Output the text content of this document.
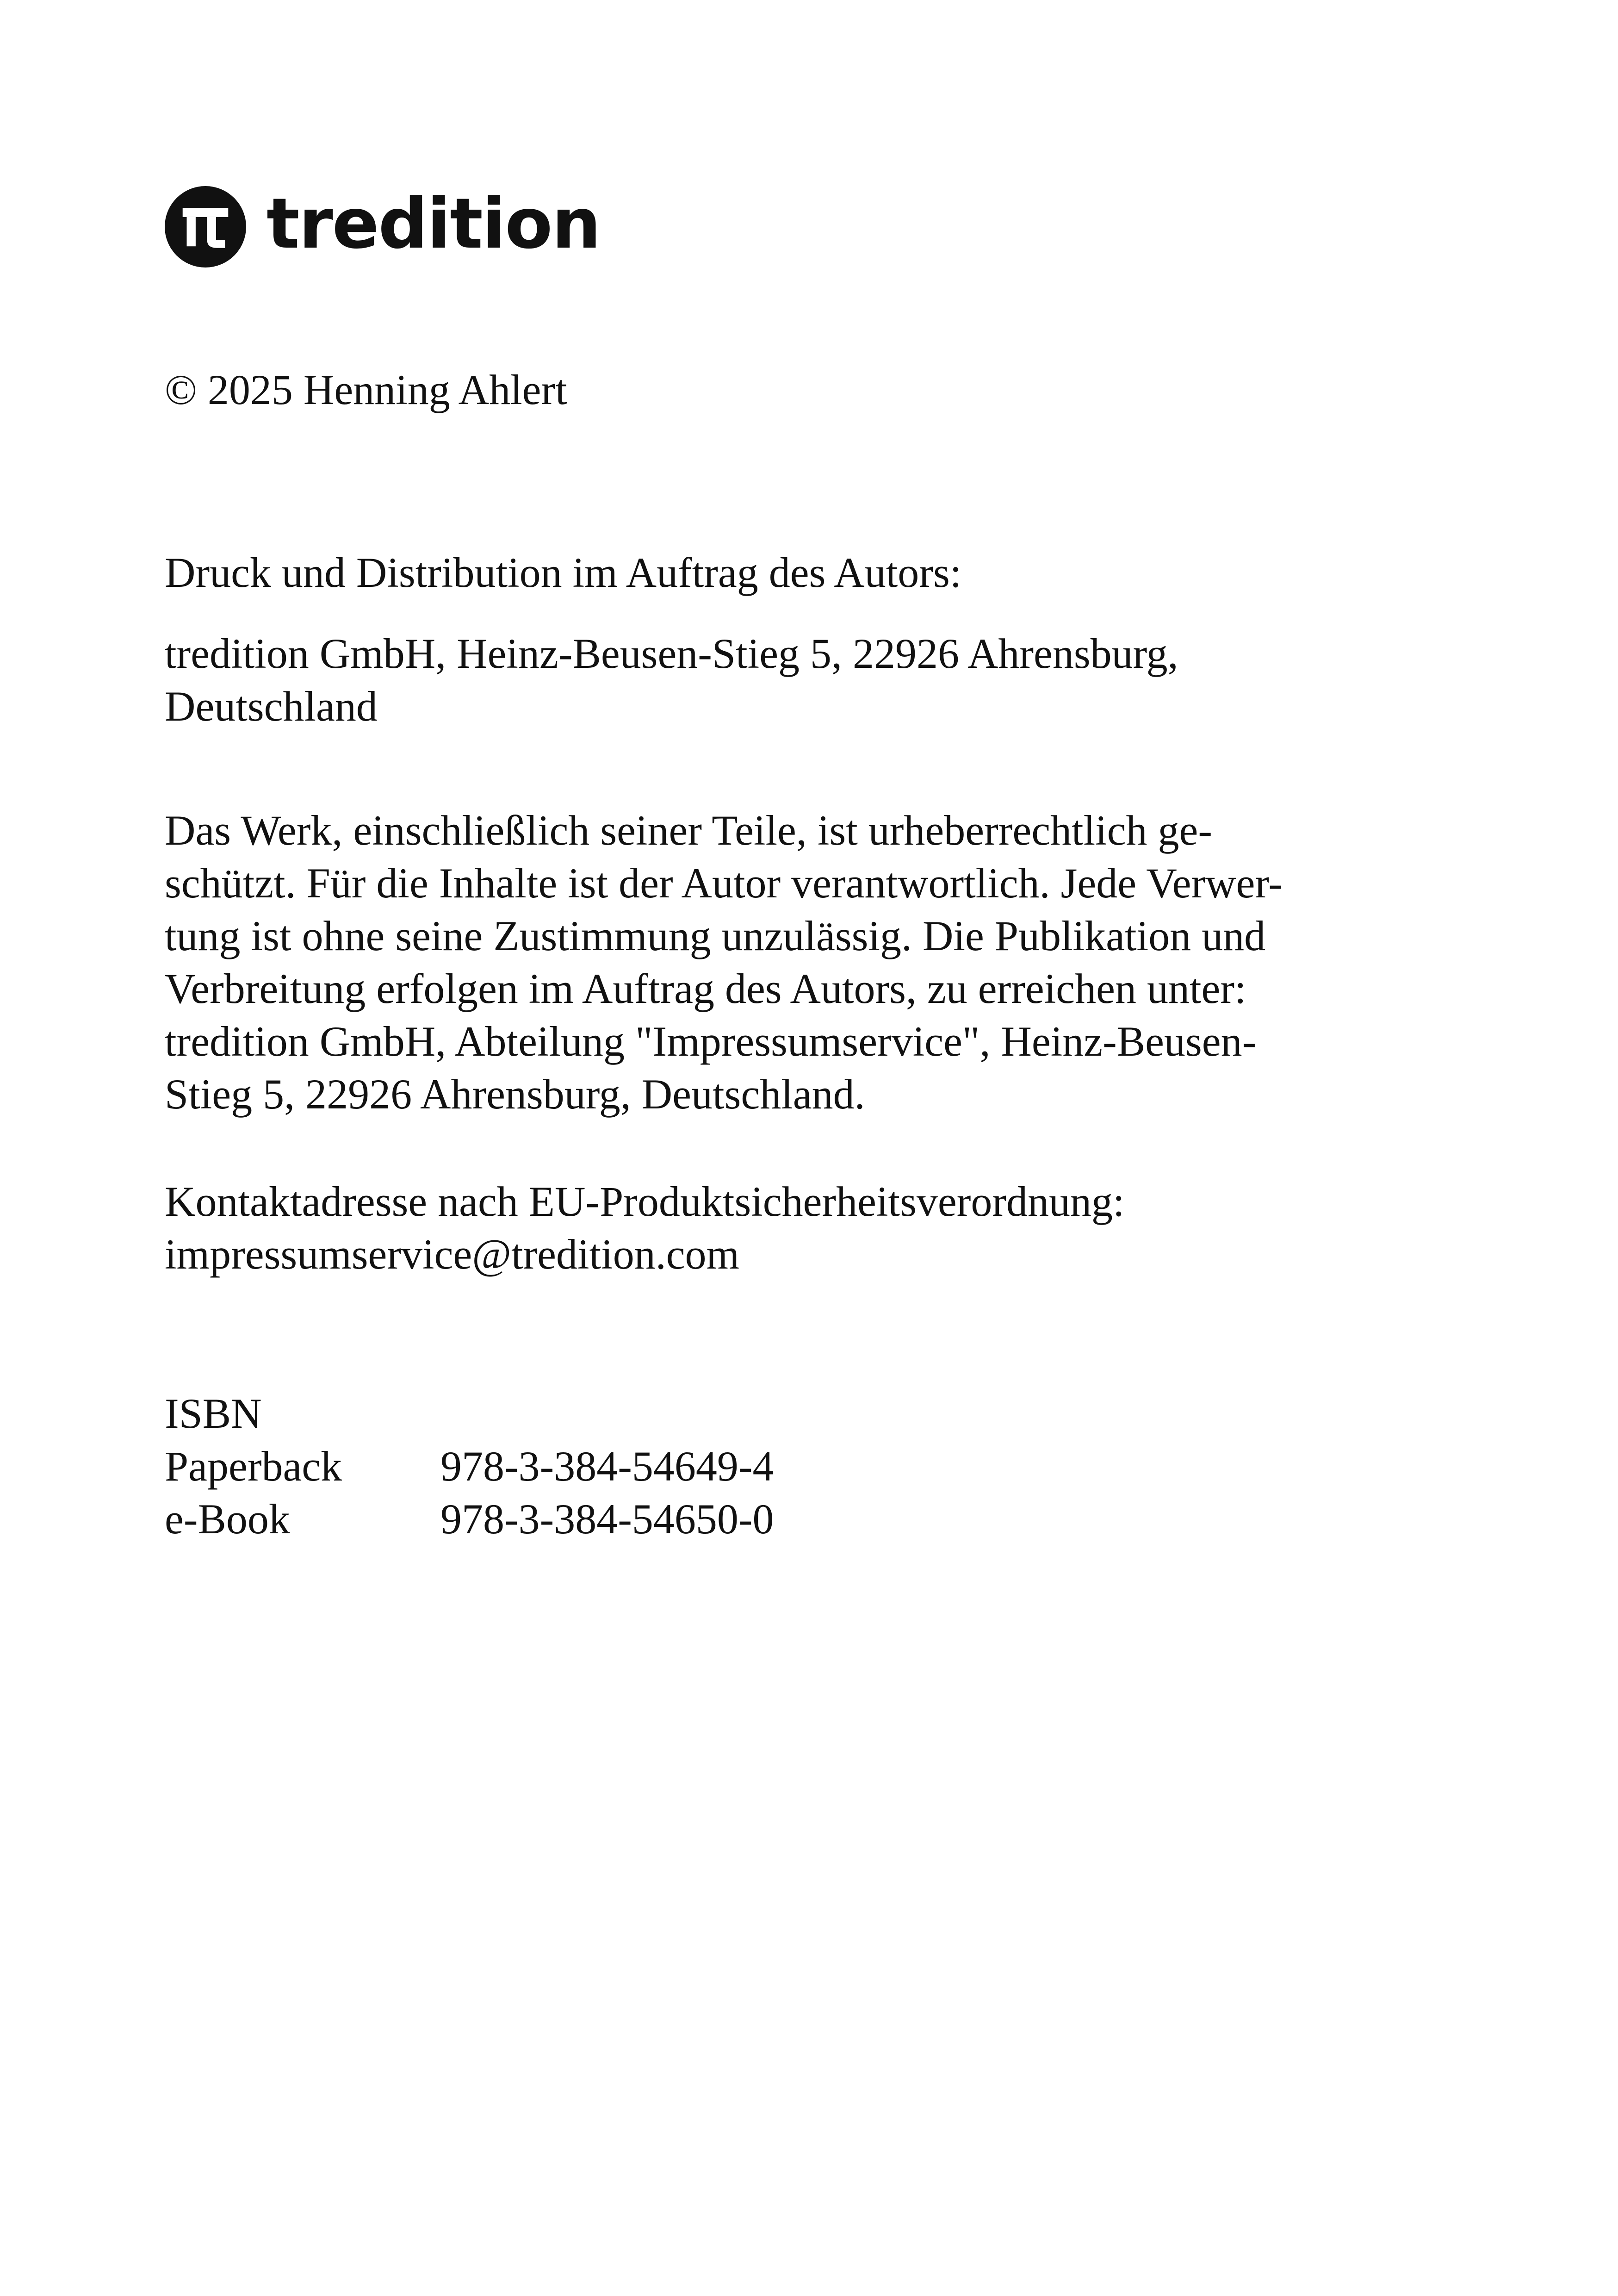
tredition
© 2025 Henning Ahlert
Druck und Distribution im Auftrag des Autors:
tredition GmbH, Heinz-Beusen-Stieg 5, 22926 Ahrensburg,
Deutschland
Das Werk, einschließlich seiner Teile, ist urheberrechtlich ge-
schützt. Für die Inhalte ist der Autor verantwortlich. Jede Verwer-
tung ist ohne seine Zustimmung unzulässig. Die Publikation und
Verbreitung erfolgen im Auftrag des Autors, zu erreichen unter:
tredition GmbH, Abteilung "Impressumservice", Heinz-Beusen-
Stieg 5, 22926 Ahrensburg, Deutschland.
Kontaktadresse nach EU-Produktsicherheitsverordnung:
impressumservice@tredition.com
ISBN
Paperback 978-3-384-54649-4
e-Book	978-3-384-54650-0
